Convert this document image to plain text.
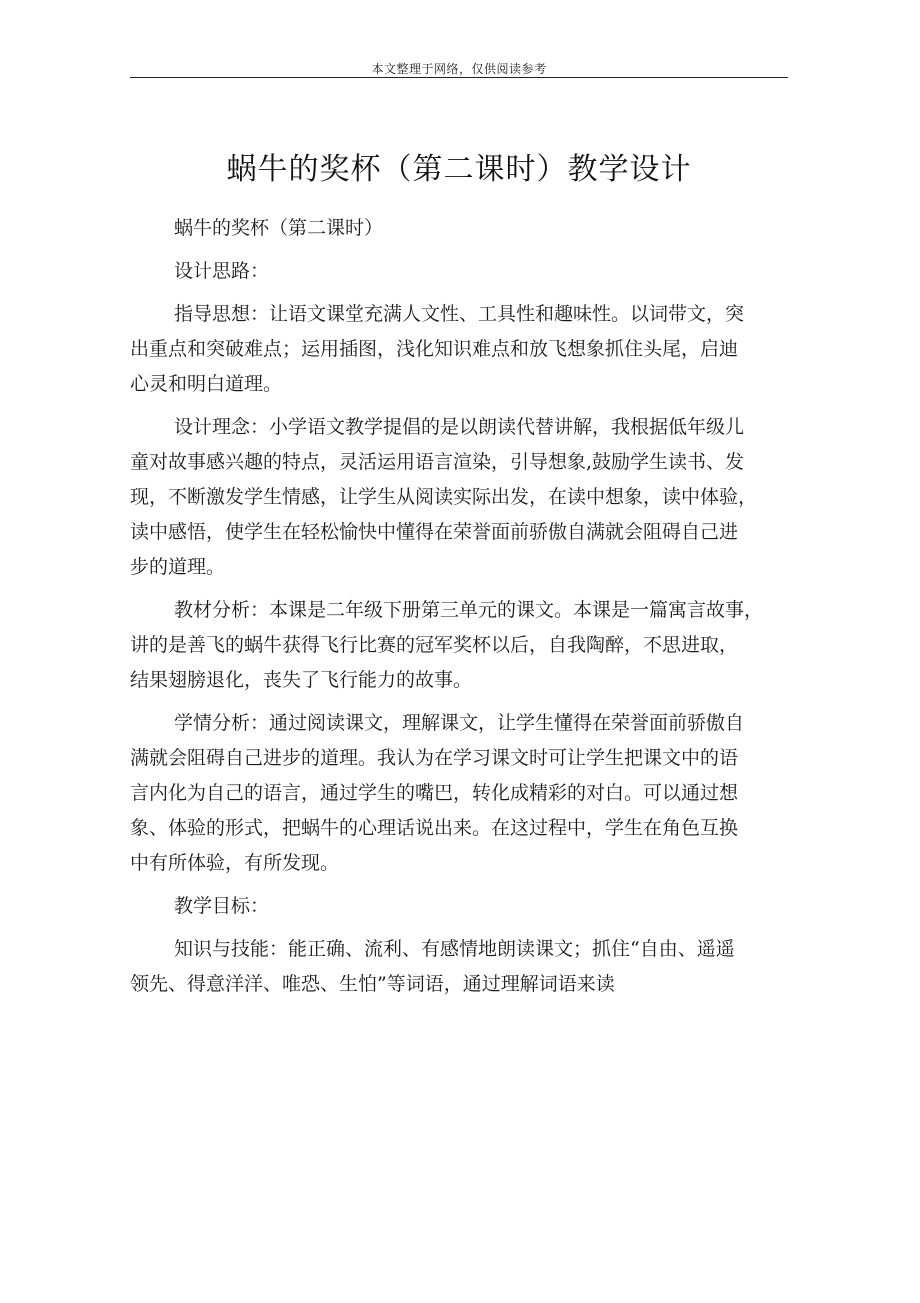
本文整理于网络，仅供阅读参考
蜗牛的奖杯（第二课时）教学设计
蜗牛的奖杯（第二课时）
设计思路：
指导思想：让语文课堂充满人文性、工具性和趣味性。以词带文，突
出重点和突破难点；运用插图，浅化知识难点和放飞想象抓住头尾，启迪
心灵和明白道理。
设计理念：小学语文教学提倡的是以朗读代替讲解，我根据低年级儿
童对故事感兴趣的特点，灵活运用语言渲染，引导想象,鼓励学生读书、发
现，不断激发学生情感，让学生从阅读实际出发，在读中想象，读中体验，
读中感悟，使学生在轻松愉快中懂得在荣誉面前骄傲自满就会阻碍自己进
步的道理。
教材分析：本课是二年级下册第三单元的课文。本课是一篇寓言故事，
讲的是善飞的蜗牛获得飞行比赛的冠军奖杯以后，自我陶醉，不思进取，
结果翅膀退化，丧失了飞行能力的故事。
学情分析：通过阅读课文，理解课文，让学生懂得在荣誉面前骄傲自
满就会阻碍自己进步的道理。我认为在学习课文时可让学生把课文中的语
言内化为自己的语言，通过学生的嘴巴，转化成精彩的对白。可以通过想
象、体验的形式，把蜗牛的心理话说出来。在这过程中，学生在角色互换
中有所体验，有所发现。
教学目标：
知识与技能：能正确、流利、有感情地朗读课文；抓住“自由、遥遥
领先、得意洋洋、唯恐、生怕”等词语，通过理解词语来读
